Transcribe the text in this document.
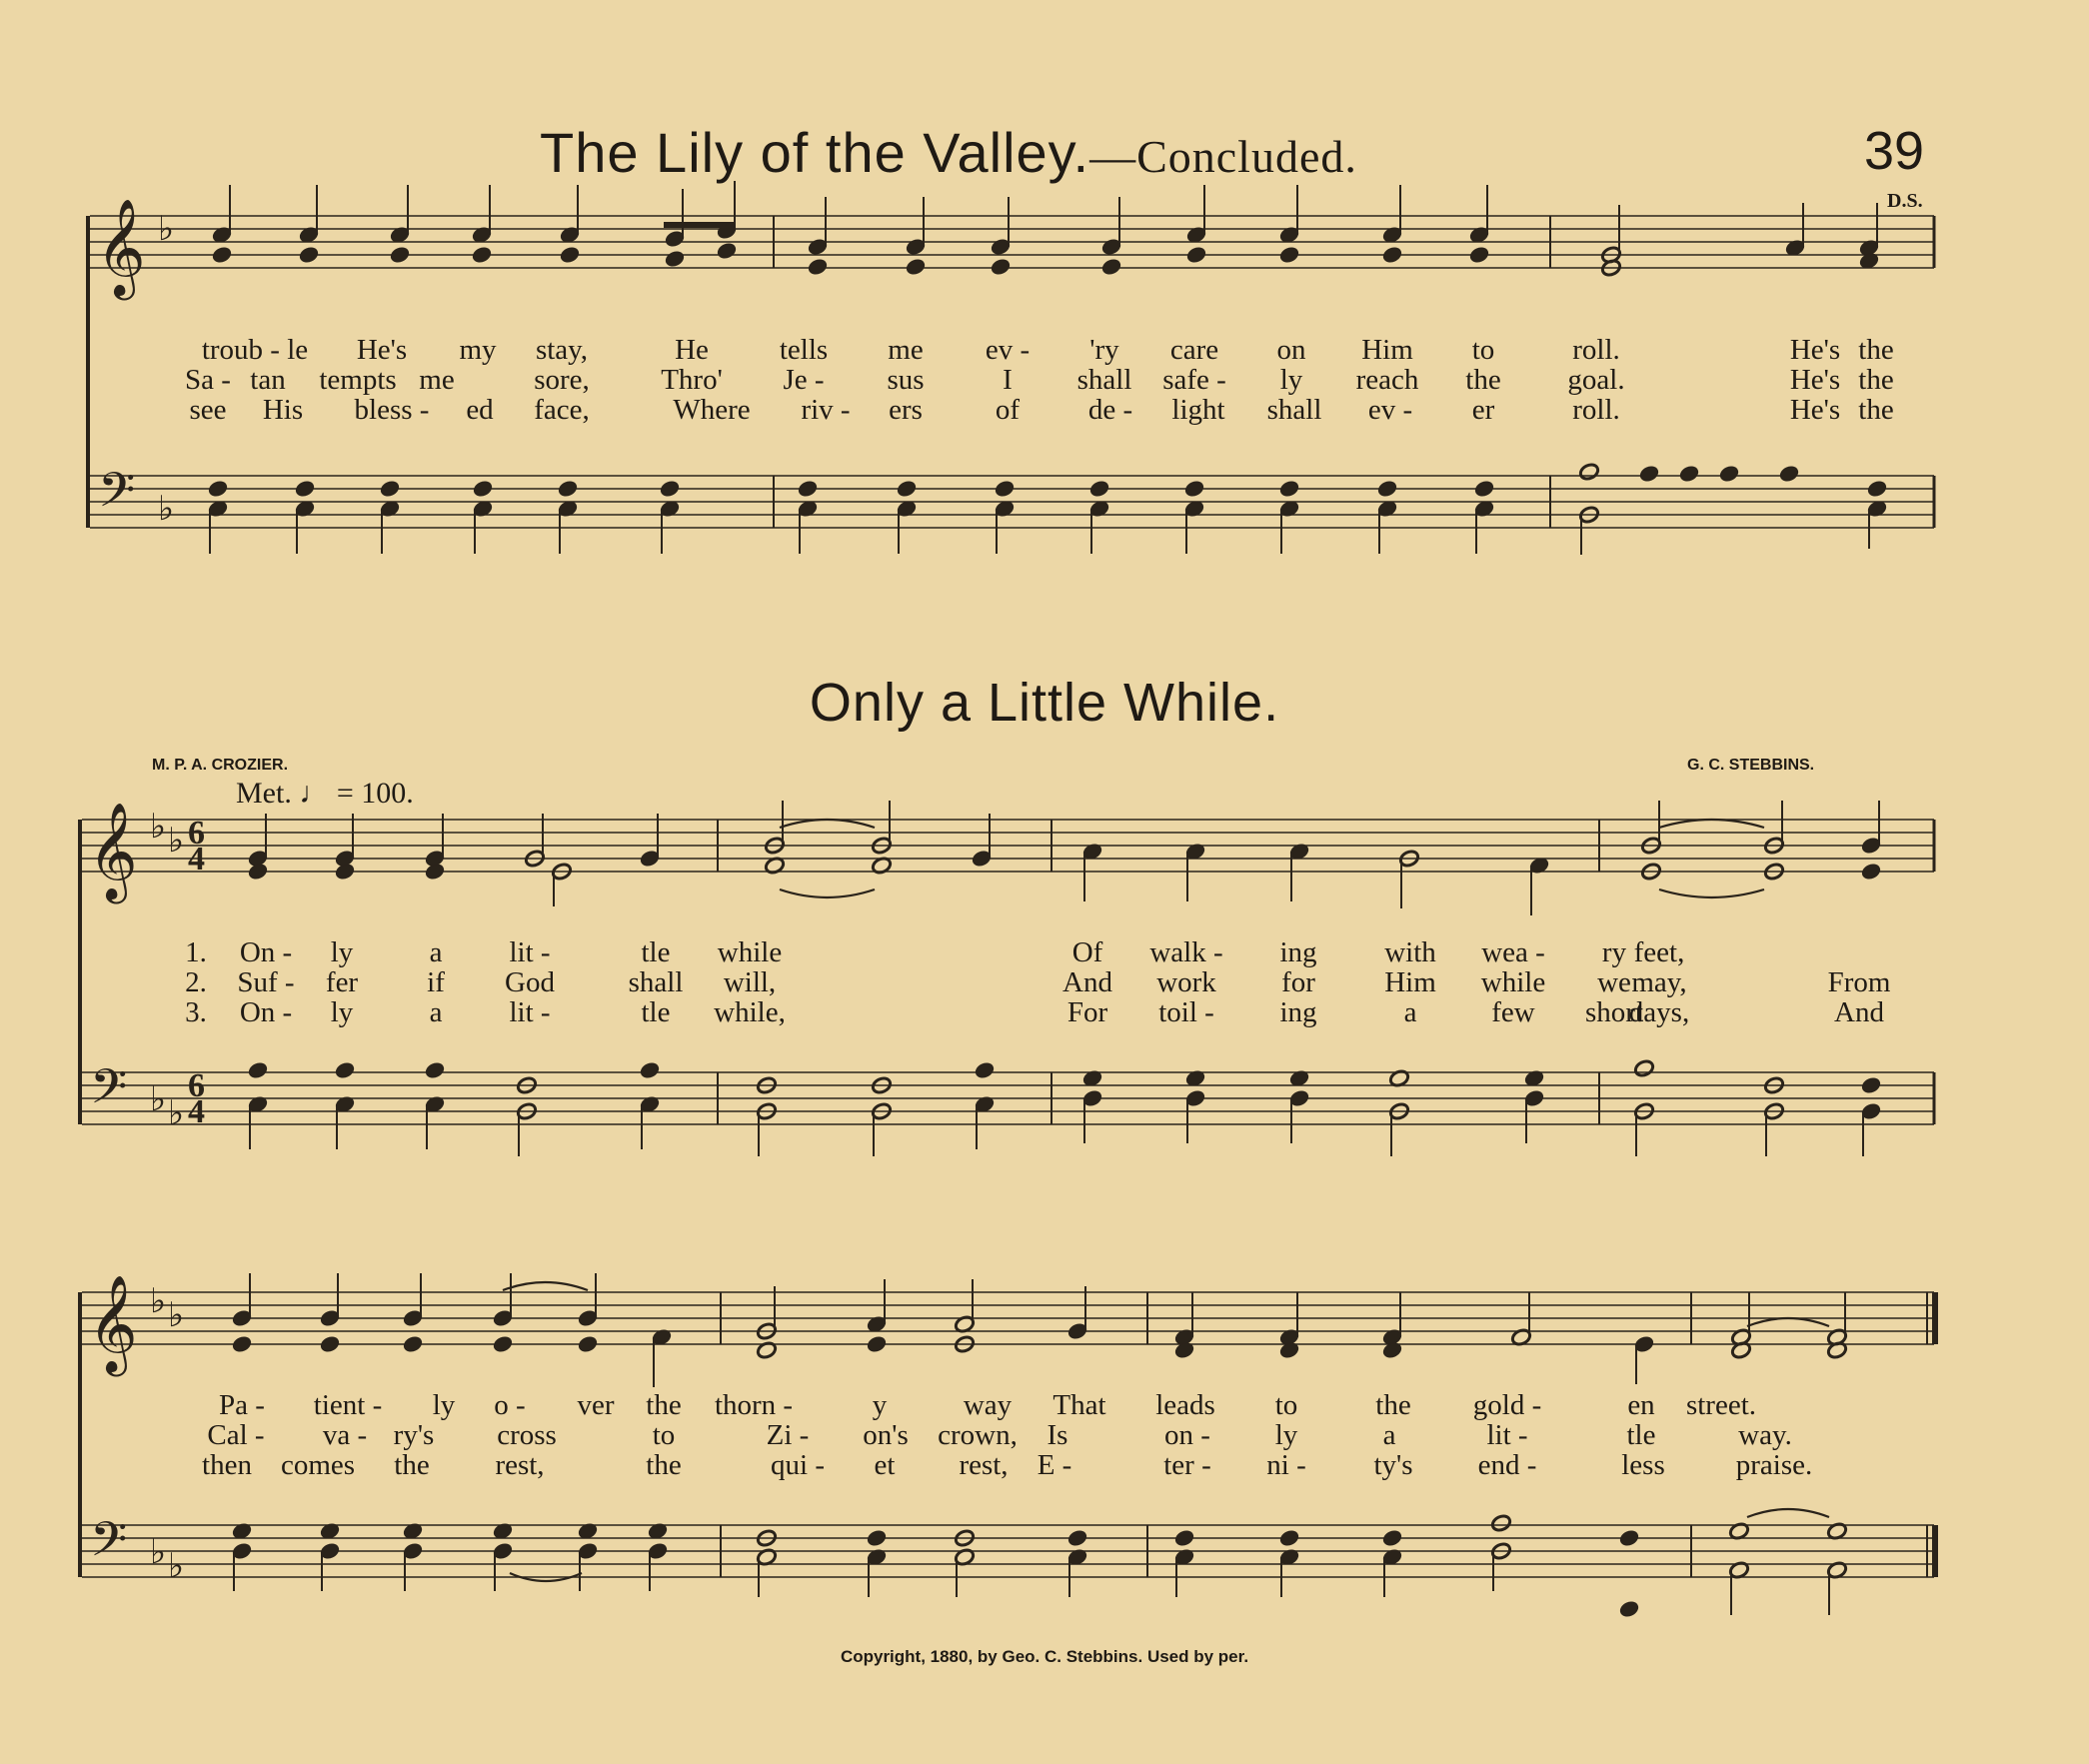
𝄞 ♭
𝄢 ♭
𝄞 ♭ ♭ 6
4
𝄢 ♭ ♭
6
4
𝄞 ♭ ♭
𝄢 ♭ ♭
The Lily of the Valley.—Concluded.	39
D.S.
Only a Little While.
M. P. A. CROZIER.	G. C. STEBBINS.
Met. ♩ = 100.
troub - le He's my stay,	He tells me ev - 'ry care on Him to	roll.	He's the
Sa - tan tempts me	sore, Thro' Je - sus	I shall safe - ly reach the goal.	He's the
see His bless - ed face,	Where riv - ers	of de - light shall ev - er	roll.	He's the
1. On - ly	a lit -	tle while	Of walk - ing with wea - ry feet,
2. Suf - fer if God	shall will,	And work for Him while we may,	From
3. On - ly	a lit -	tle while,	For toil - ing	a	few short
days,	And
Pa - tient - ly o - ver the thorn -	y	way That leads to	the gold -	en street.
Cal - va - ry's cross	to	Zi - on's crown, Is	on - ly	a	lit -	tle	way.
then comes the rest,	the	qui - et rest, E -	ter - ni - ty's end -	less praise.
Copyright, 1880, by Geo. C. Stebbins. Used by per.
